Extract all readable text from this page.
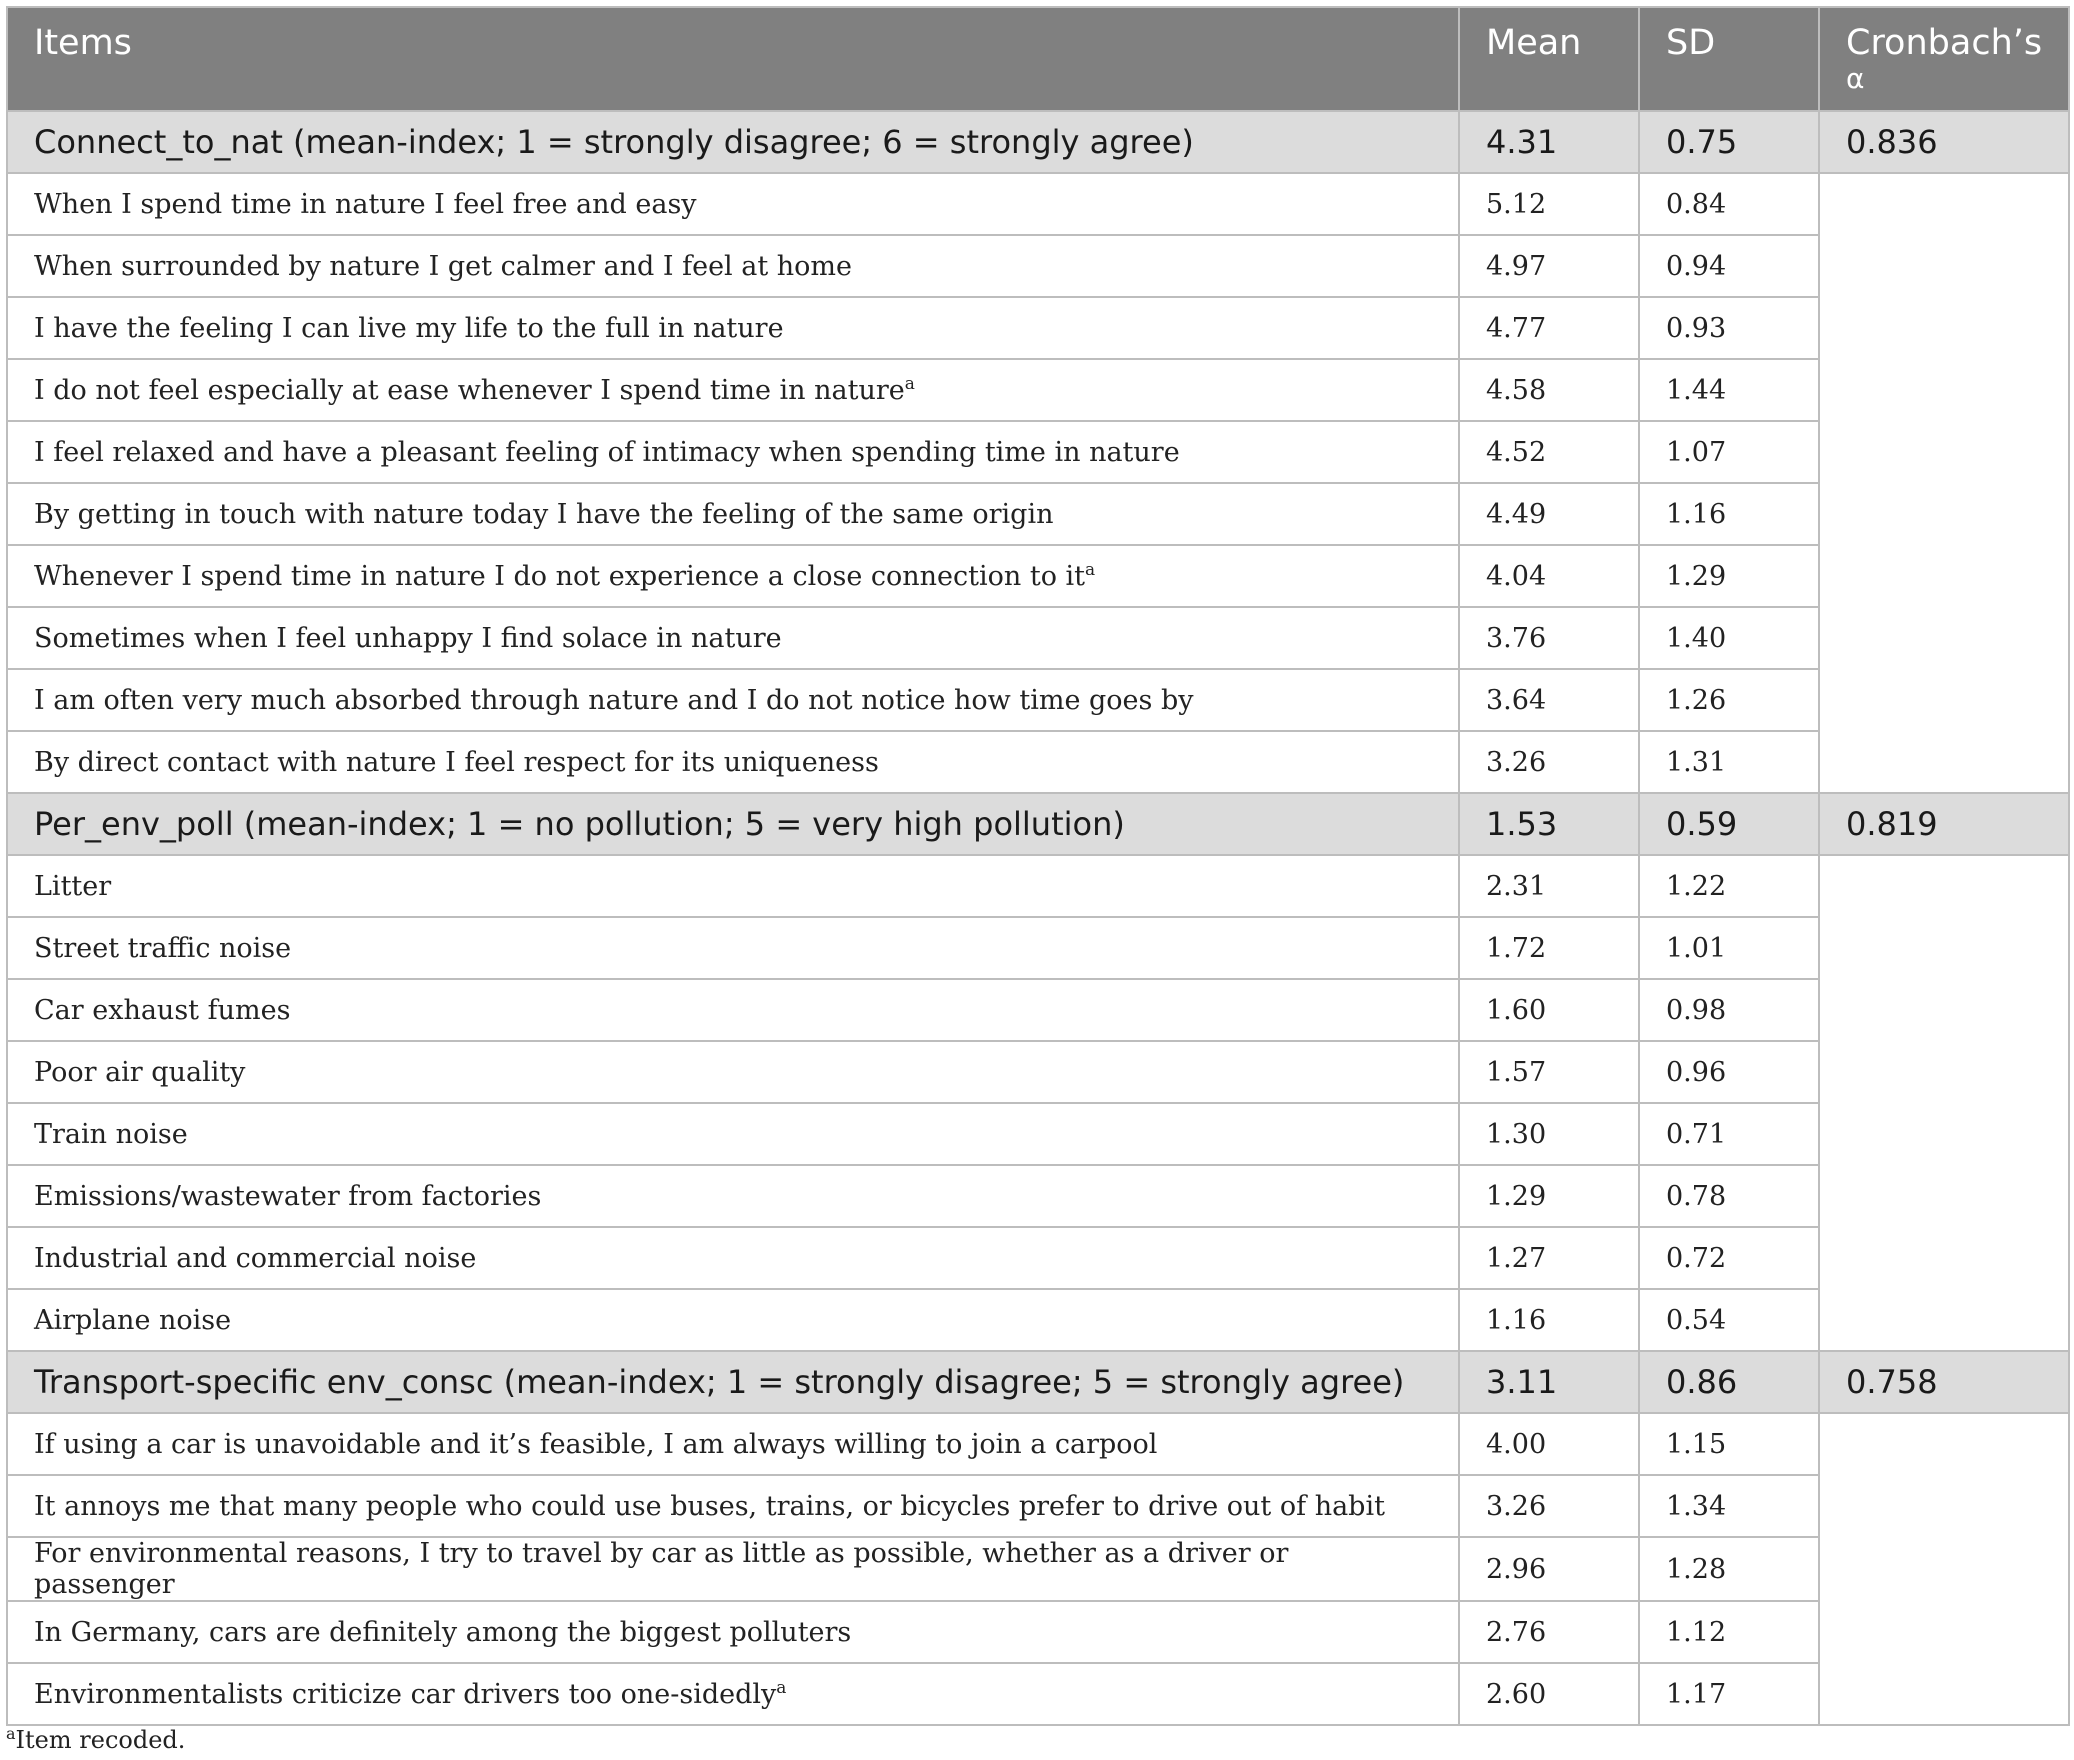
Items	Mean	SD	Cronbach’s
α

Connect_to_nat (mean-index; 1 = strongly disagree; 6 = strongly agree)	4.31	0.75	0.836
When I spend time in nature I feel free and easy	5.12	0.84	
When surrounded by nature I get calmer and I feel at home	4.97	0.94	
I have the feeling I can live my life to the full in nature	4.77	0.93	
I do not feel especially at ease whenever I spend time in nature$^a$	4.58	1.44	
I feel relaxed and have a pleasant feeling of intimacy when spending time in nature	4.52	1.07	
By getting in touch with nature today I have the feeling of the same origin	4.49	1.16	
Whenever I spend time in nature I do not experience a close connection to $it^a$	4.04	1.29	
Sometimes when I feel unhappy I find solace in nature	3.76	1.40	
I am often very much absorbed through nature and I do not notice how time goes by	3.64	1.26	
By direct contact with nature I feel respect for its uniqueness	3.26	1.31	
Per_env_poll (mean-index; 1 = no pollution; 5 = very high pollution)	1.53	0.59	0.819
Litter	2.31	1.22	
Street traffic noise	1.72	1.01	
Car exhaust fumes	1.60	0.98	
Poor air quality	1.57	0.96	
Train noise	1.30	0.71	
Emissions/wastewater from factories	1.29	0.78	
Industrial and commercial noise	1.27	0.72	
Airplane noise	1.16	0.54	
Transport-specific env_consc (mean-index; 1 = strongly disagree; 5 = strongly agree)	3.11	0.86	0.758
If using a car is unavoidable and it’s feasible, I am always willing to join a carpool	4.00	1.15	
It annoys me that many people who could use buses, trains, or bicycles prefer to drive out of habit	3.26	1.34	
For environmental reasons, I try to travel by car as little as possible, whether as a driver or passenger	2.96	1.28	
In Germany, cars are definitely among the biggest polluters	2.76	1.12	
Environmentalists criticize car drivers too one-sidedly$^a$	2.60	1.17	
$^a$Item recoded.
